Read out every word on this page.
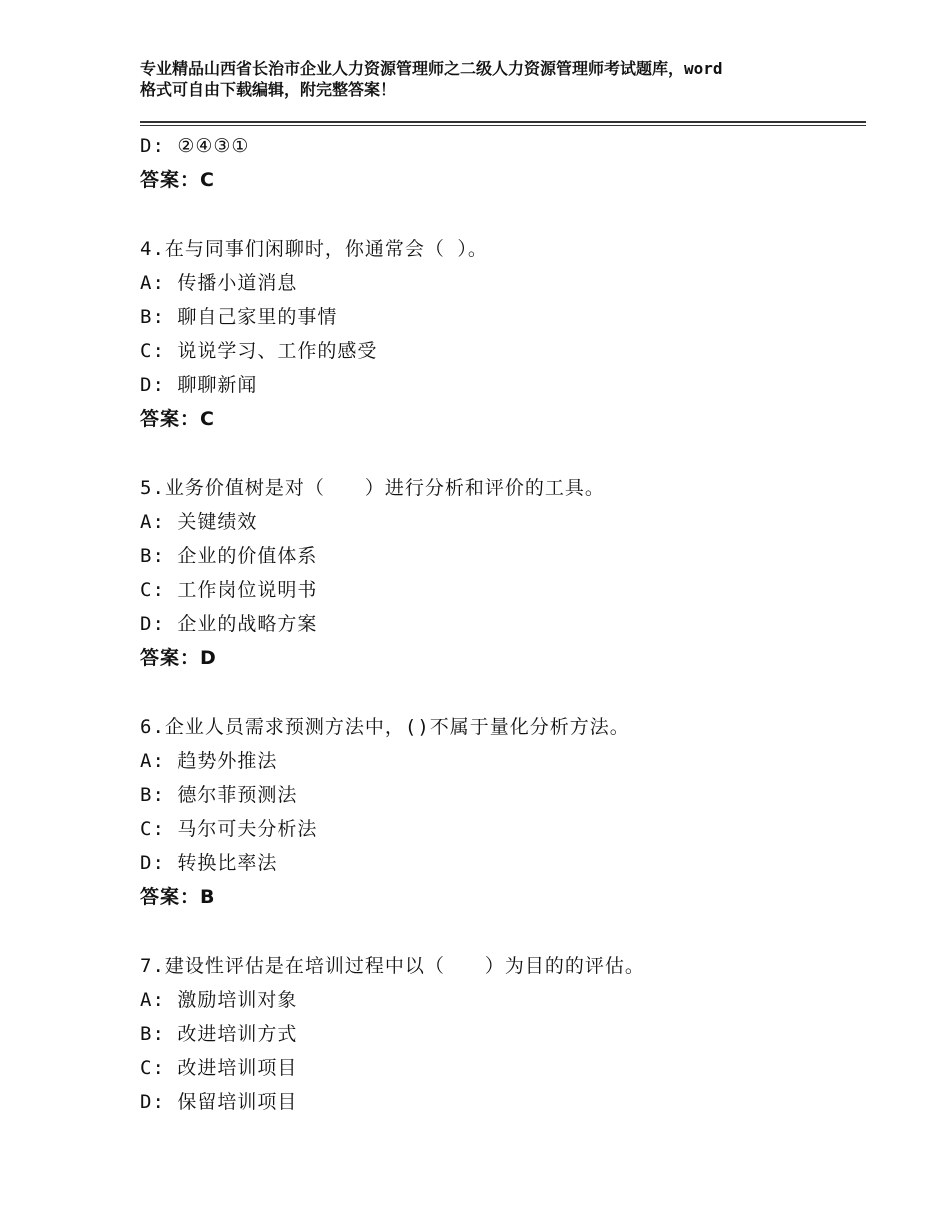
专业精品山西省长治市企业人力资源管理师之二级人力资源管理师考试题库，word
格式可自由下载编辑，附完整答案！
D: ②④③①
答案：C
4.在与同事们闲聊时，你通常会（ ）。
A: 传播小道消息
B: 聊自己家里的事情
C: 说说学习、工作的感受
D: 聊聊新闻
答案：C
5.业务价值树是对（　　）进行分析和评价的工具。
A: 关键绩效
B: 企业的价值体系
C: 工作岗位说明书
D: 企业的战略方案
答案：D
6.企业人员需求预测方法中，()不属于量化分析方法。
A: 趋势外推法
B: 德尔菲预测法
C: 马尔可夫分析法
D: 转换比率法
答案：B
7.建设性评估是在培训过程中以（　　）为目的的评估。
A: 激励培训对象
B: 改进培训方式
C: 改进培训项目
D: 保留培训项目
